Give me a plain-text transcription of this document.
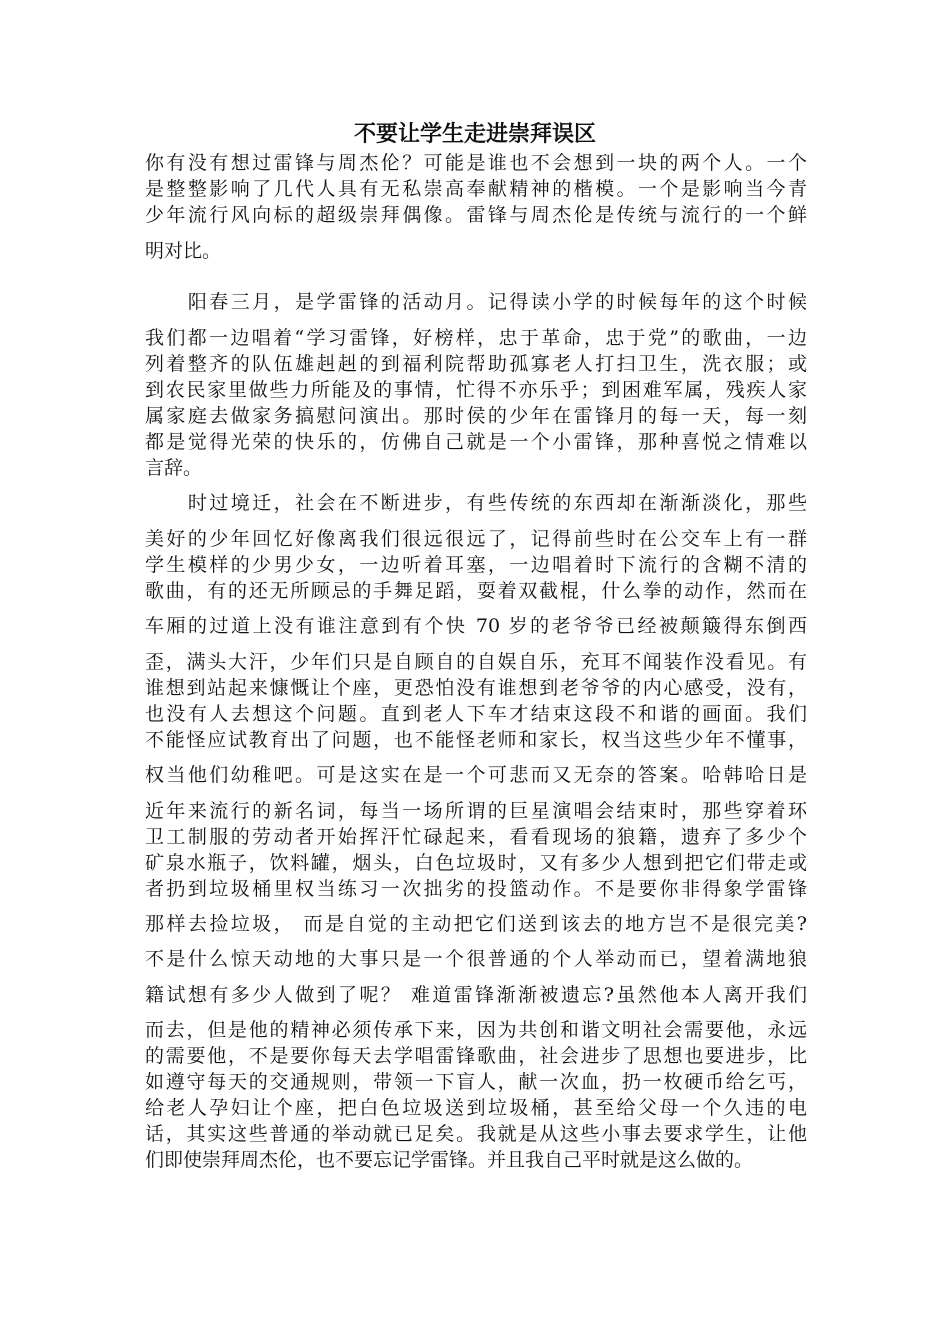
不要让学生走进崇拜误区
你有没有想过雷锋与周杰伦？可能是谁也不会想到一块的两个人。一个
是整整影响了几代人具有无私崇高奉献精神的楷模。一个是影响当今青
少年流行风向标的超级崇拜偶像。雷锋与周杰伦是传统与流行的一个鲜
明对比。
　　阳春三月，是学雷锋的活动月。记得读小学的时候每年的这个时候
我们都一边唱着“学习雷锋，好榜样，忠于革命，忠于党”的歌曲，一边
列着整齐的队伍雄赳赳的到福利院帮助孤寡老人打扫卫生，洗衣服；或
到农民家里做些力所能及的事情，忙得不亦乐乎；到困难军属，残疾人家
属家庭去做家务搞慰问演出。那时侯的少年在雷锋月的每一天，每一刻
都是觉得光荣的快乐的，仿佛自己就是一个小雷锋，那种喜悦之情难以
言辞。
　　时过境迁，社会在不断进步，有些传统的东西却在渐渐淡化，那些
美好的少年回忆好像离我们很远很远了，记得前些时在公交车上有一群
学生模样的少男少女，一边听着耳塞，一边唱着时下流行的含糊不清的
歌曲，有的还无所顾忌的手舞足蹈，耍着双截棍，什么拳的动作，然而在
车厢的过道上没有谁注意到有个快 70 岁的老爷爷已经被颠簸得东倒西
歪，满头大汗，少年们只是自顾自的自娱自乐，充耳不闻装作没看见。有
谁想到站起来慷慨让个座，更恐怕没有谁想到老爷爷的内心感受，没有，
也没有人去想这个问题。直到老人下车才结束这段不和谐的画面。我们
不能怪应试教育出了问题，也不能怪老师和家长，权当这些少年不懂事，
权当他们幼稚吧。可是这实在是一个可悲而又无奈的答案。哈韩哈日是
近年来流行的新名词，每当一场所谓的巨星演唱会结束时，那些穿着环
卫工制服的劳动者开始挥汗忙碌起来，看看现场的狼籍，遗弃了多少个
矿泉水瓶子，饮料罐，烟头，白色垃圾时，又有多少人想到把它们带走或
者扔到垃圾桶里权当练习一次拙劣的投篮动作。不是要你非得象学雷锋
那样去捡垃圾， 而是自觉的主动把它们送到该去的地方岂不是很完美?
不是什么惊天动地的大事只是一个很普通的个人举动而已，望着满地狼
籍试想有多少人做到了呢？ 难道雷锋渐渐被遗忘?虽然他本人离开我们
而去，但是他的精神必须传承下来，因为共创和谐文明社会需要他，永远
的需要他，不是要你每天去学唱雷锋歌曲，社会进步了思想也要进步，比
如遵守每天的交通规则，带领一下盲人，献一次血，扔一枚硬币给乞丐，
给老人孕妇让个座，把白色垃圾送到垃圾桶，甚至给父母一个久违的电
话，其实这些普通的举动就已足矣。我就是从这些小事去要求学生，让他
们即使崇拜周杰伦，也不要忘记学雷锋。并且我自己平时就是这么做的。
